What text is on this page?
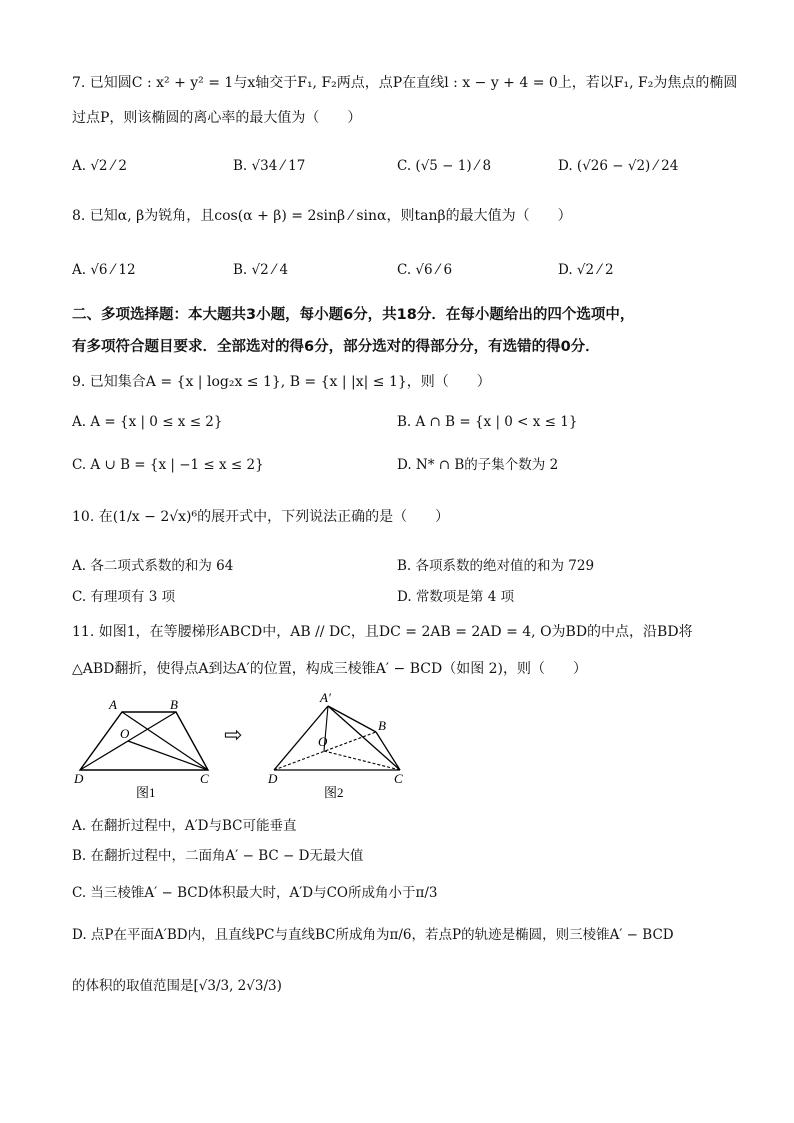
7. 已知圆C : x² + y² = 1与x轴交于F₁, F₂两点，点P在直线l : x − y + 4 = 0上，若以F₁, F₂为焦点的椭圆
过点P，则该椭圆的离心率的最大值为（　　）
A. √2 ⁄ 2	B. √34 ⁄ 17	C. (√5 − 1) ⁄ 8	D. (√26 − √2) ⁄ 24
8. 已知α, β为锐角，且cos(α + β) = 2sinβ ⁄ sinα，则tanβ的最大值为（　　）
A. √6 ⁄ 12	B. √2 ⁄ 4	C. √6 ⁄ 6	D. √2 ⁄ 2
二、多项选择题：本大题共3小题，每小题6分，共18分．在每小题给出的四个选项中，
有多项符合题目要求．全部选对的得6分，部分选对的得部分分，有选错的得0分．
9. 已知集合A = {x | log₂x ≤ 1}, B = {x | |x| ≤ 1}，则（　　）
A. A = {x | 0 ≤ x ≤ 2}	B. A ∩ B = {x | 0 < x ≤ 1}
C. A ∪ B = {x | −1 ≤ x ≤ 2}	D. N* ∩ B的子集个数为 2
10. 在(1/x − 2√x)⁶的展开式中，下列说法正确的是（　　）
A. 各二项式系数的和为 64	B. 各项系数的绝对值的和为 729
C. 有理项有 3 项	D. 常数项是第 4 项
11. 如图1，在等腰梯形ABCD中，AB // DC，且DC = 2AB = 2AD = 4, O为BD的中点，沿BD将
△ABD翻折，使得点A到达A′的位置，构成三棱锥A′ − BCD（如图 2)，则（　　）
A	B
O
D	C
图1
⇨
A′
B
O
D	C
图2
A. 在翻折过程中，A′D与BC可能垂直
B. 在翻折过程中，二面角A′ − BC − D无最大值
C. 当三棱锥A′ − BCD体积最大时，A′D与CO所成角小于π/3
D. 点P在平面A′BD内，且直线PC与直线BC所成角为π/6，若点P的轨迹是椭圆，则三棱锥A′ − BCD
的体积的取值范围是[√3/3, 2√3/3)
